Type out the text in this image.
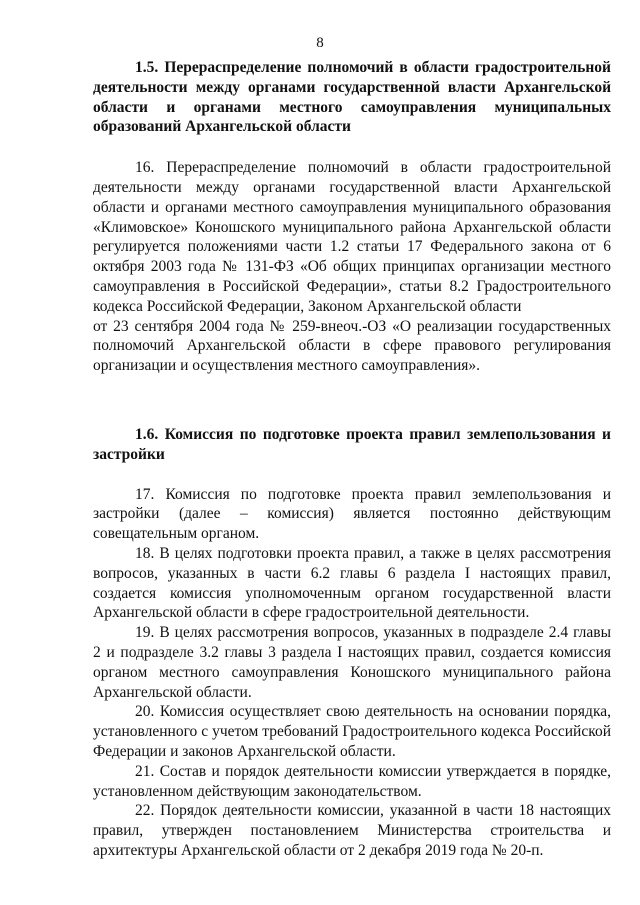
8

1.5. Перераспределение полномочий в области градостроительной деятельности между органами государственной власти Архангельской области и органами местного самоуправления муниципальных образований Архангельской области

16. Перераспределение полномочий в области градостроительной деятельности между органами государственной власти Архангельской области и органами местного самоуправления муниципального образования «Климовское» Коношского муниципального района Архангельской области регулируется положениями части 1.2 статьи 17 Федерального закона от 6 октября 2003 года № 131-ФЗ «Об общих принципах организации местного самоуправления в Российской Федерации», статьи 8.2 Градостроительного кодекса Российской Федерации, Законом Архангельской области

от 23 сентября 2004 года № 259-внеоч.-ОЗ «О реализации государственных полномочий Архангельской области в сфере правового регулирования организации и осуществления местного самоуправления».

1.6. Комиссия по подготовке проекта правил землепользования и застройки

17. Комиссия по подготовке проекта правил землепользования и застройки (далее – комиссия) является постоянно действующим совещательным органом.

18. В целях подготовки проекта правил, а также в целях рассмотрения вопросов, указанных в части 6.2 главы 6 раздела I настоящих правил, создается комиссия уполномоченным органом государственной власти Архангельской области в сфере градостроительной деятельности.

19. В целях рассмотрения вопросов, указанных в подразделе 2.4 главы 2 и подразделе 3.2 главы 3 раздела I настоящих правил, создается комиссия органом местного самоуправления Коношского муниципального района Архангельской области.

20. Комиссия осуществляет свою деятельность на основании порядка, установленного с учетом требований Градостроительного кодекса Российской Федерации и законов Архангельской области.

21. Состав и порядок деятельности комиссии утверждается в порядке, установленном действующим законодательством.

22. Порядок деятельности комиссии, указанной в части 18 настоящих правил, утвержден постановлением Министерства строительства и архитектуры Архангельской области от 2 декабря 2019 года № 20-п.
